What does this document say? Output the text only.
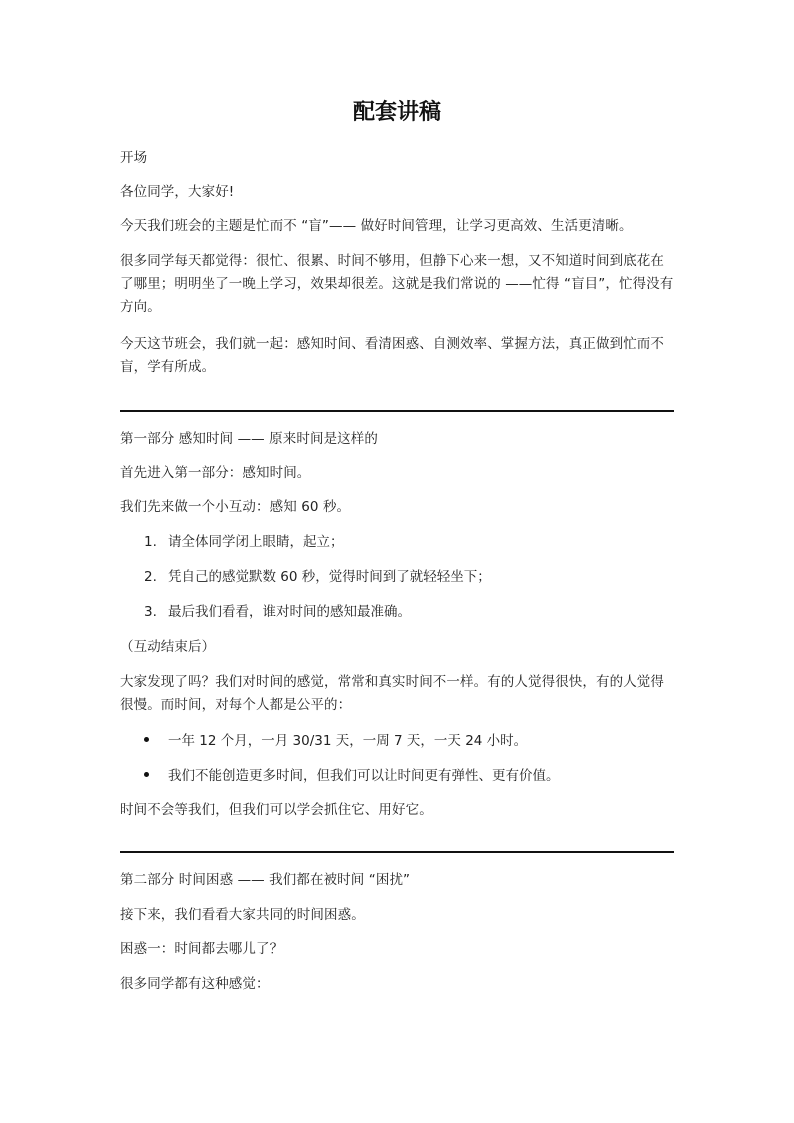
配套讲稿

开场

各位同学，大家好!

今天我们班会的主题是忙而不 “盲”—— 做好时间管理，让学习更高效、生活更清晰。

很多同学每天都觉得：很忙、很累、时间不够用，但静下心来一想，又不知道时间到底花在了哪里；明明坐了一晚上学习，效果却很差。这就是我们常说的 ——忙得 “盲目”，忙得没有方向。

今天这节班会，我们就一起：感知时间、看清困惑、自测效率、掌握方法，真正做到忙而不盲，学有所成。

第一部分 感知时间 —— 原来时间是这样的

首先进入第一部分：感知时间。

我们先来做一个小互动：感知 60 秒。

1. 请全体同学闭上眼睛，起立；
2. 凭自己的感觉默数 60 秒，觉得时间到了就轻轻坐下；
3. 最后我们看看，谁对时间的感知最准确。

（互动结束后）

大家发现了吗？我们对时间的感觉，常常和真实时间不一样。有的人觉得很快，有的人觉得很慢。而时间，对每个人都是公平的：

一年 12 个月，一月 30/31 天，一周 7 天，一天 24 小时。
我们不能创造更多时间，但我们可以让时间更有弹性、更有价值。

时间不会等我们，但我们可以学会抓住它、用好它。

第二部分 时间困惑 —— 我们都在被时间 “困扰”

接下来，我们看看大家共同的时间困惑。

困惑一：时间都去哪儿了？

很多同学都有这种感觉：
